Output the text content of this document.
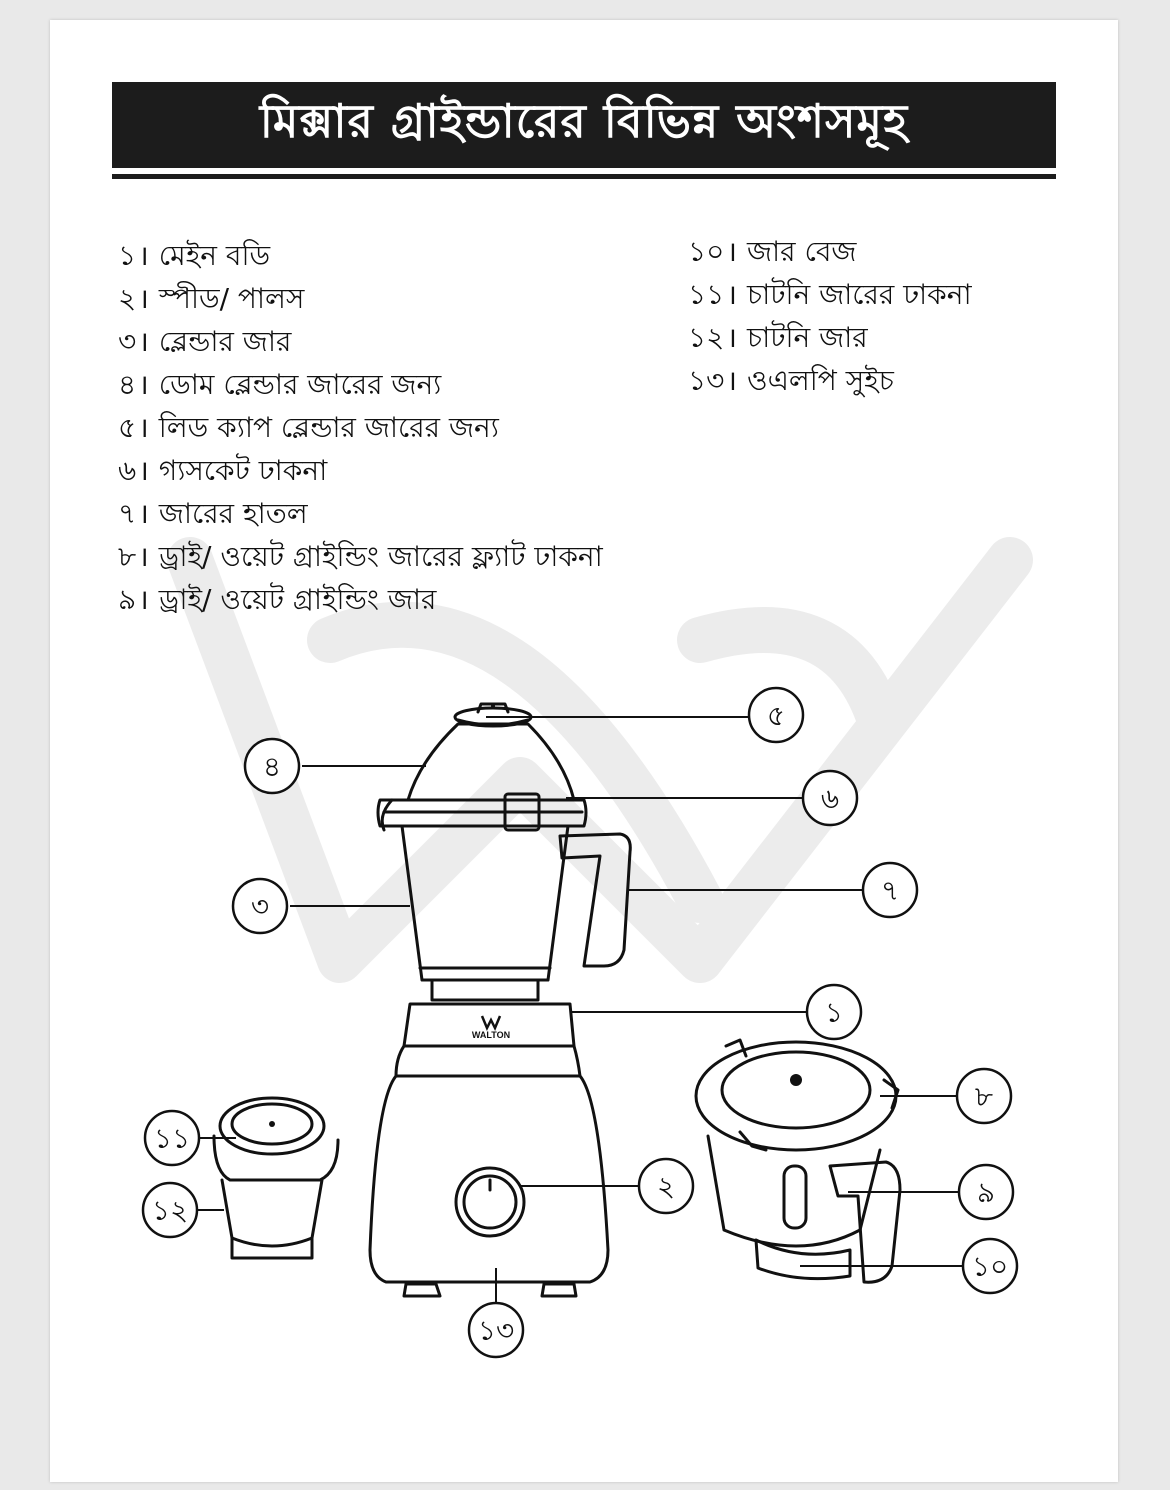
WALTON
৫
৪
৬
৩	৭
১
২
১৩
১১
১২
৮
৯
১০
মিক্সার গ্রাইন্ডারের বিভিন্ন অংশসমূহ
১। মেইন বডি
২। স্পীড/ পালস
৩। ব্লেন্ডার জার
৪। ডোম ব্লেন্ডার জারের জন্য
৫। লিড ক্যাপ ব্লেন্ডার জারের জন্য
৬। গ্যসকেট ঢাকনা
৭। জারের হাতল
৮। ড্রাই/ ওয়েট গ্রাইন্ডিং জারের ফ্ল্যাট ঢাকনা
৯। ড্রাই/ ওয়েট গ্রাইন্ডিং জার
১০। জার বেজ
১১। চাটনি জারের ঢাকনা
১২। চাটনি জার
১৩। ওএলপি সুইচ
